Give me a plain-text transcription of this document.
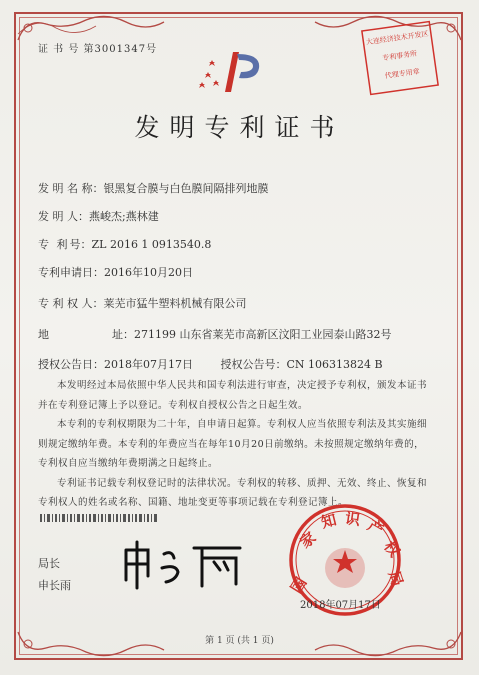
证 书 号 第3001347号
大连经济技术开发区
专利事务所
代理专用章
发明专利证书
发 明 名 称：银黑复合膜与白色膜间隔排列地膜
发 明 人：燕峻杰;燕林建
专 利号：ZL 2016 1 0913540.8
专利申请日：2016年10月20日
专 利 权 人：莱芜市猛牛塑料机械有限公司
地	址：271199 山东省莱芜市高新区汶阳工业园泰山路32号
授权公告日：2018年07月17日	授权公告号：CN 106313824 B
本发明经过本局依照中华人民共和国专利法进行审查，决定授予专利权，颁发本证书
并在专利登记簿上予以登记。专利权自授权公告之日起生效。
本专利的专利权期限为二十年，自申请日起算。专利权人应当依照专利法及其实施细
则规定缴纳年费。本专利的年费应当在每年10月20日前缴纳。未按照规定缴纳年费的，
专利权自应当缴纳年费期满之日起终止。
专利证书记载专利权登记时的法律状况。专利权的转移、质押、无效、终止、恢复和
专利权人的姓名或名称、国籍、地址变更等事项记载在专利登记簿上。
局长
申长雨	国
家
知 识 产
权
局
2018年07月17日
第 1 页 (共 1 页)
